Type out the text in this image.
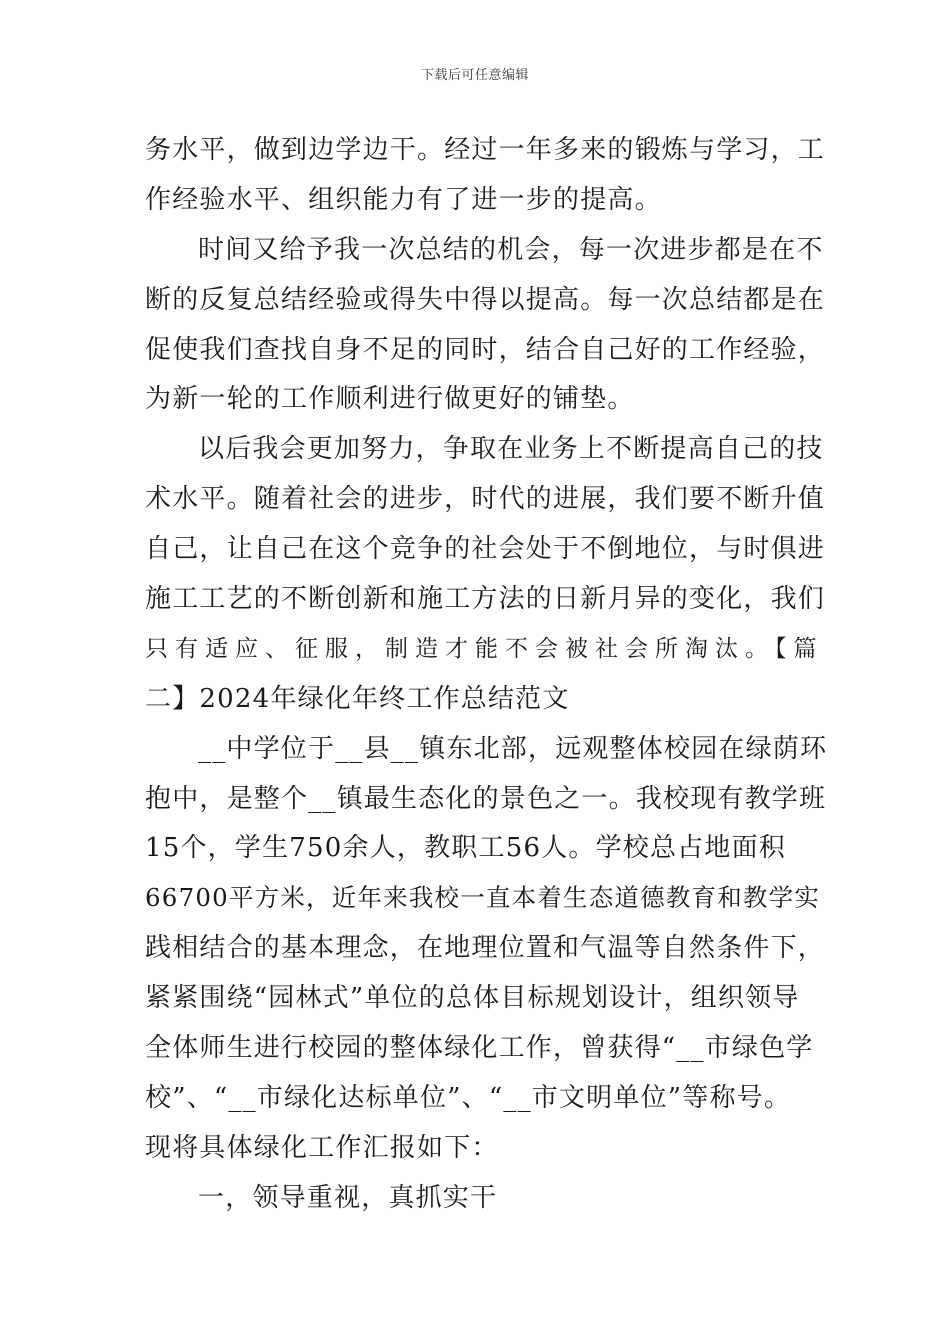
下载后可任意编辑
务水平，做到边学边干。经过一年多来的锻炼与学习，工
作经验水平、组织能力有了进一步的提高。
时间又给予我一次总结的机会，每一次进步都是在不
断的反复总结经验或得失中得以提高。每一次总结都是在
促使我们查找自身不足的同时，结合自己好的工作经验，
为新一轮的工作顺利进行做更好的铺垫。
以后我会更加努力，争取在业务上不断提高自己的技
术水平。随着社会的进步，时代的进展，我们要不断升值
自己，让自己在这个竞争的社会处于不倒地位，与时俱进
施工工艺的不断创新和施工方法的日新月异的变化，我们
只有适应、征服，制造才能不会被社会所淘汰。【篇
二】2024年绿化年终工作总结范文
__中学位于__县__镇东北部，远观整体校园在绿荫环
抱中，是整个__镇最生态化的景色之一。我校现有教学班
15个，学生750余人，教职工56人。学校总占地面积
66700平方米，近年来我校一直本着生态道德教育和教学实
践相结合的基本理念，在地理位置和气温等自然条件下，
紧紧围绕“园林式”单位的总体目标规划设计，组织领导
全体师生进行校园的整体绿化工作，曾获得“__市绿色学
校”、“__市绿化达标单位”、“__市文明单位”等称号。
现将具体绿化工作汇报如下：
一，领导重视，真抓实干
